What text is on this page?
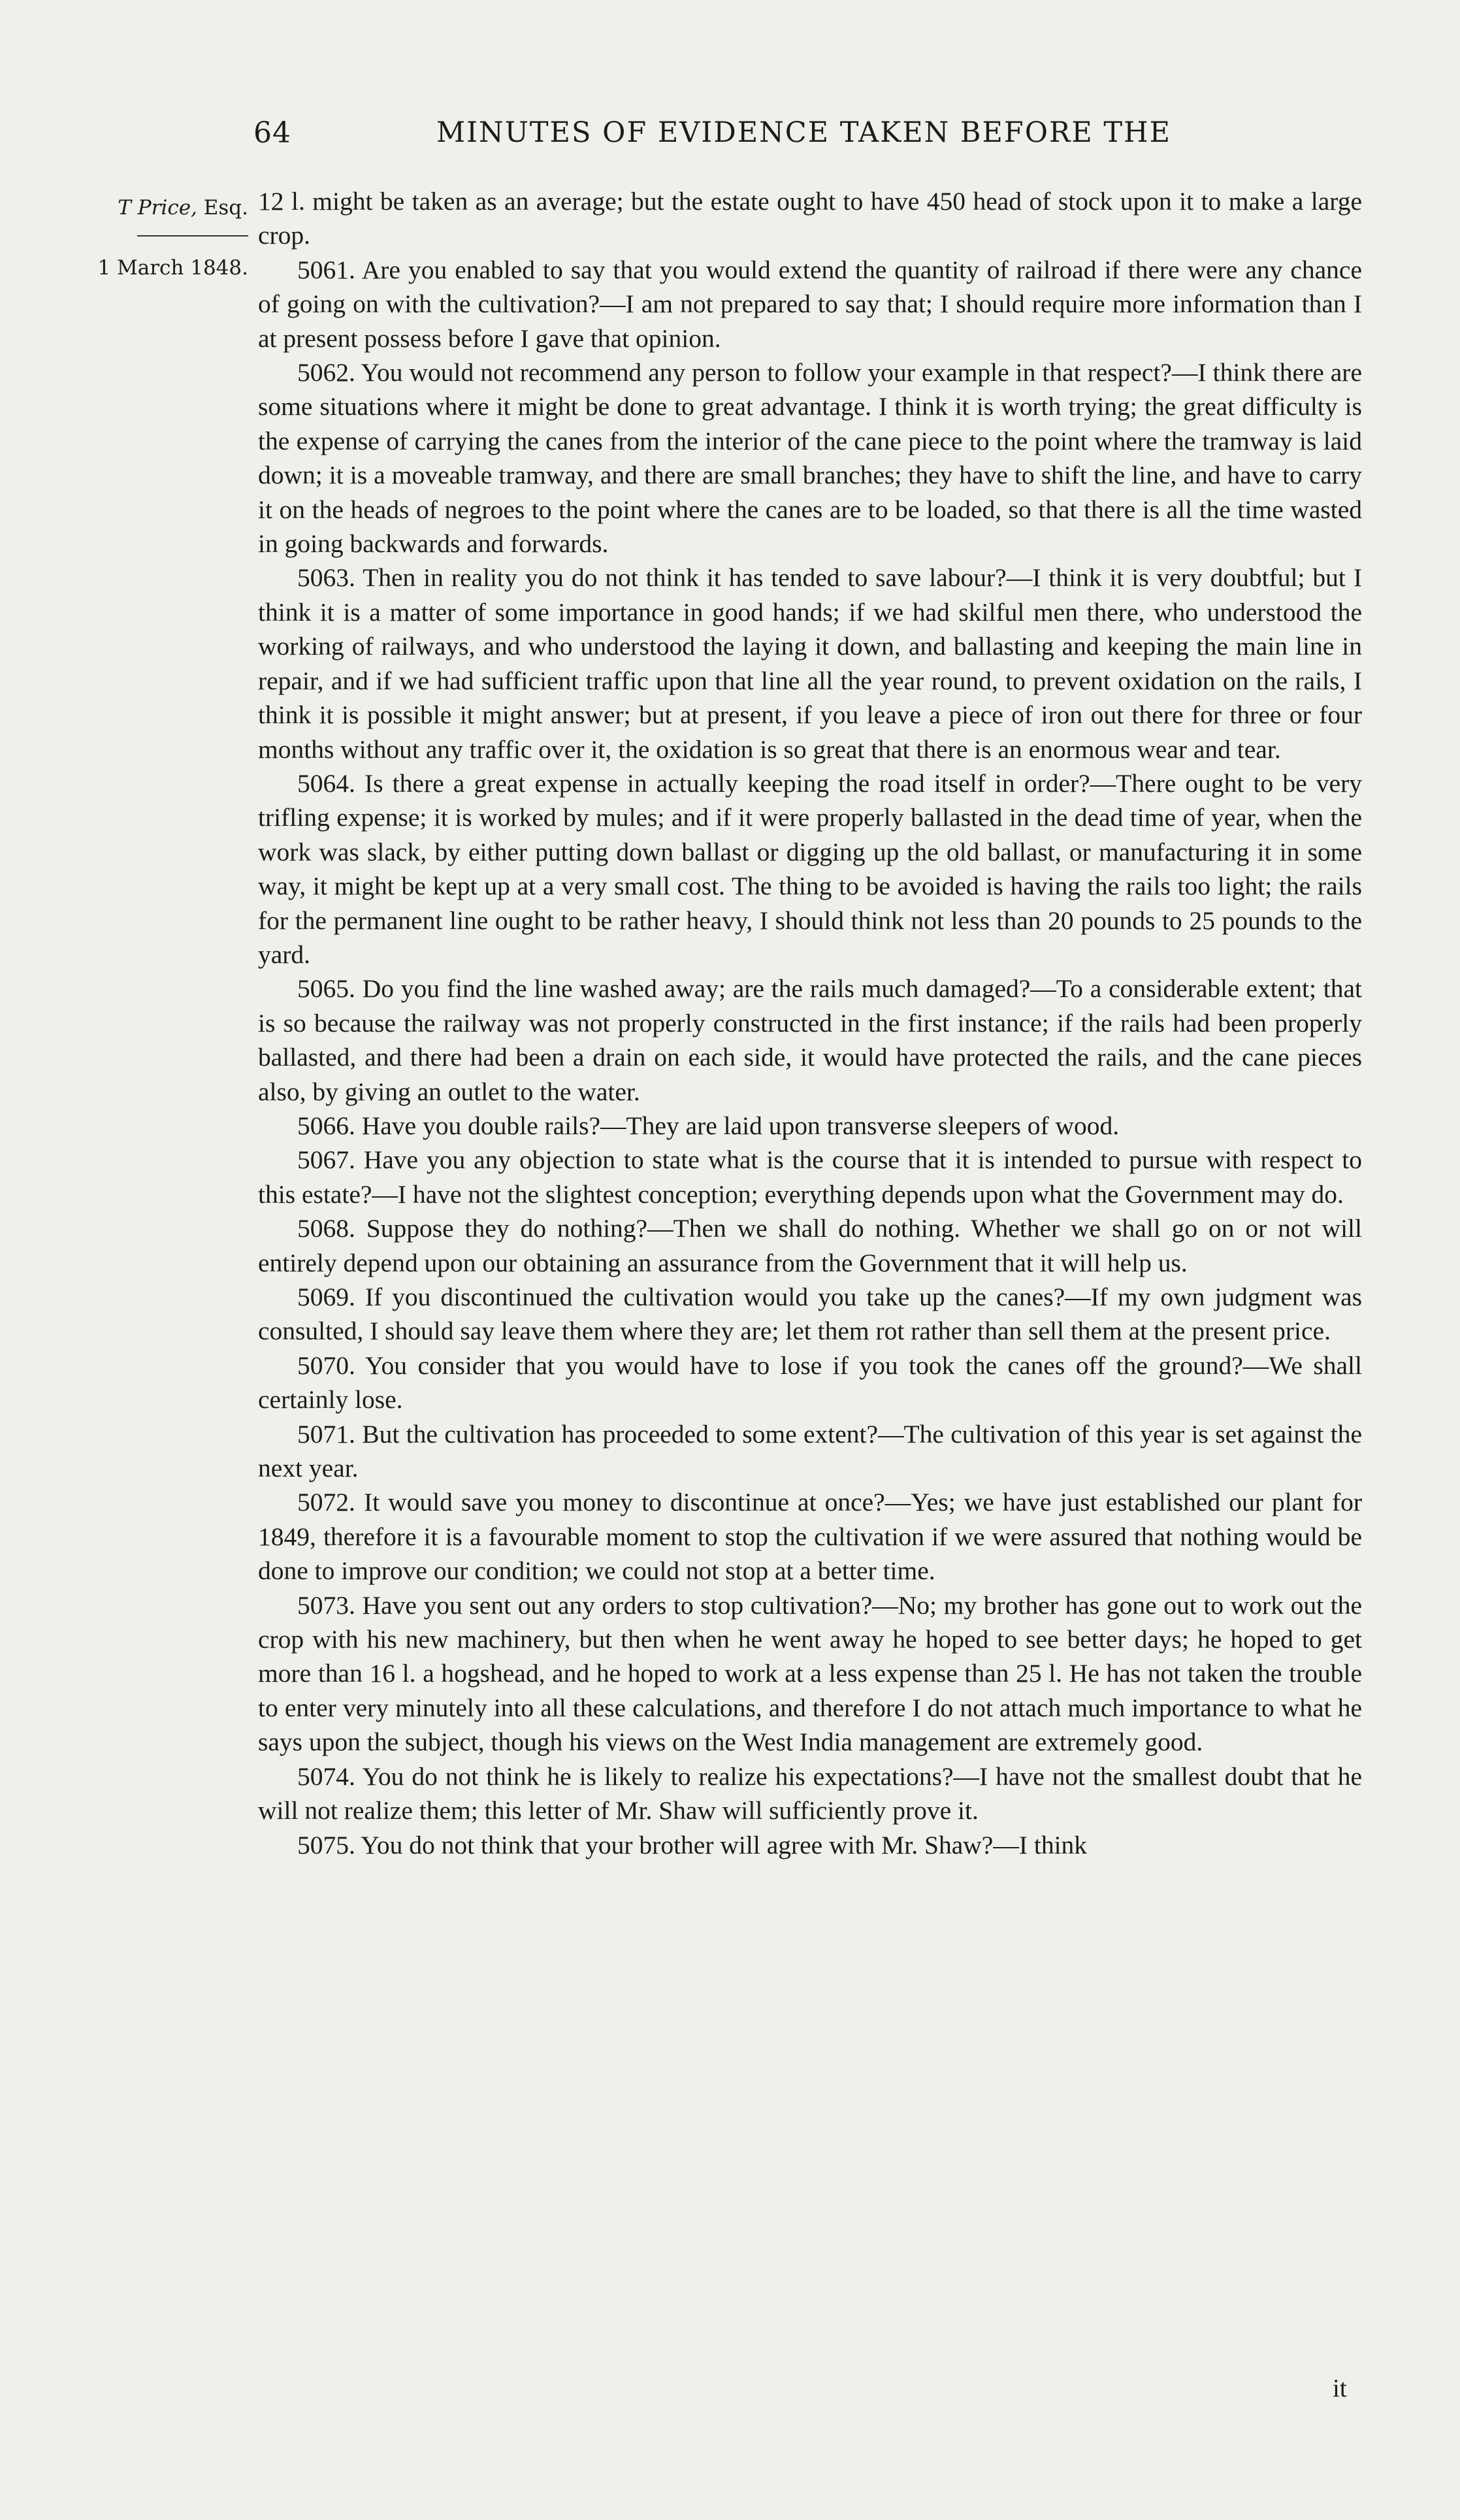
64	MINUTES OF EVIDENCE TAKEN BEFORE THE
T Price, Esq.
1 March 1848.

12 l. might be taken as an average; but the estate ought to have 450 head of stock upon it to make a large crop.

5061. Are you enabled to say that you would extend the quantity of railroad if there were any chance of going on with the cultivation?—I am not prepared to say that; I should require more information than I at present possess before I gave that opinion.

5062. You would not recommend any person to follow your example in that respect?—I think there are some situations where it might be done to great advantage. I think it is worth trying; the great difficulty is the expense of carrying the canes from the interior of the cane piece to the point where the tramway is laid down; it is a moveable tramway, and there are small branches; they have to shift the line, and have to carry it on the heads of negroes to the point where the canes are to be loaded, so that there is all the time wasted in going backwards and forwards.

5063. Then in reality you do not think it has tended to save labour?—I think it is very doubtful; but I think it is a matter of some importance in good hands; if we had skilful men there, who understood the working of railways, and who understood the laying it down, and ballasting and keeping the main line in repair, and if we had sufficient traffic upon that line all the year round, to prevent oxidation on the rails, I think it is possible it might answer; but at present, if you leave a piece of iron out there for three or four months without any traffic over it, the oxidation is so great that there is an enormous wear and tear.

5064. Is there a great expense in actually keeping the road itself in order?—There ought to be very trifling expense; it is worked by mules; and if it were properly ballasted in the dead time of year, when the work was slack, by either putting down ballast or digging up the old ballast, or manufacturing it in some way, it might be kept up at a very small cost. The thing to be avoided is having the rails too light; the rails for the permanent line ought to be rather heavy, I should think not less than 20 pounds to 25 pounds to the yard.

5065. Do you find the line washed away; are the rails much damaged?—To a considerable extent; that is so because the railway was not properly constructed in the first instance; if the rails had been properly ballasted, and there had been a drain on each side, it would have protected the rails, and the cane pieces also, by giving an outlet to the water.

5066. Have you double rails?—They are laid upon transverse sleepers of wood.

5067. Have you any objection to state what is the course that it is intended to pursue with respect to this estate?—I have not the slightest conception; everything depends upon what the Government may do.

5068. Suppose they do nothing?—Then we shall do nothing. Whether we shall go on or not will entirely depend upon our obtaining an assurance from the Government that it will help us.

5069. If you discontinued the cultivation would you take up the canes?—If my own judgment was consulted, I should say leave them where they are; let them rot rather than sell them at the present price.

5070. You consider that you would have to lose if you took the canes off the ground?—We shall certainly lose.

5071. But the cultivation has proceeded to some extent?—The cultivation of this year is set against the next year.

5072. It would save you money to discontinue at once?—Yes; we have just established our plant for 1849, therefore it is a favourable moment to stop the cultivation if we were assured that nothing would be done to improve our condition; we could not stop at a better time.

5073. Have you sent out any orders to stop cultivation?—No; my brother has gone out to work out the crop with his new machinery, but then when he went away he hoped to see better days; he hoped to get more than 16 l. a hogshead, and he hoped to work at a less expense than 25 l. He has not taken the trouble to enter very minutely into all these calculations, and therefore I do not attach much importance to what he says upon the subject, though his views on the West India management are extremely good.

5074. You do not think he is likely to realize his expectations?—I have not the smallest doubt that he will not realize them; this letter of Mr. Shaw will sufficiently prove it.

5075. You do not think that your brother will agree with Mr. Shaw?—I think

it
